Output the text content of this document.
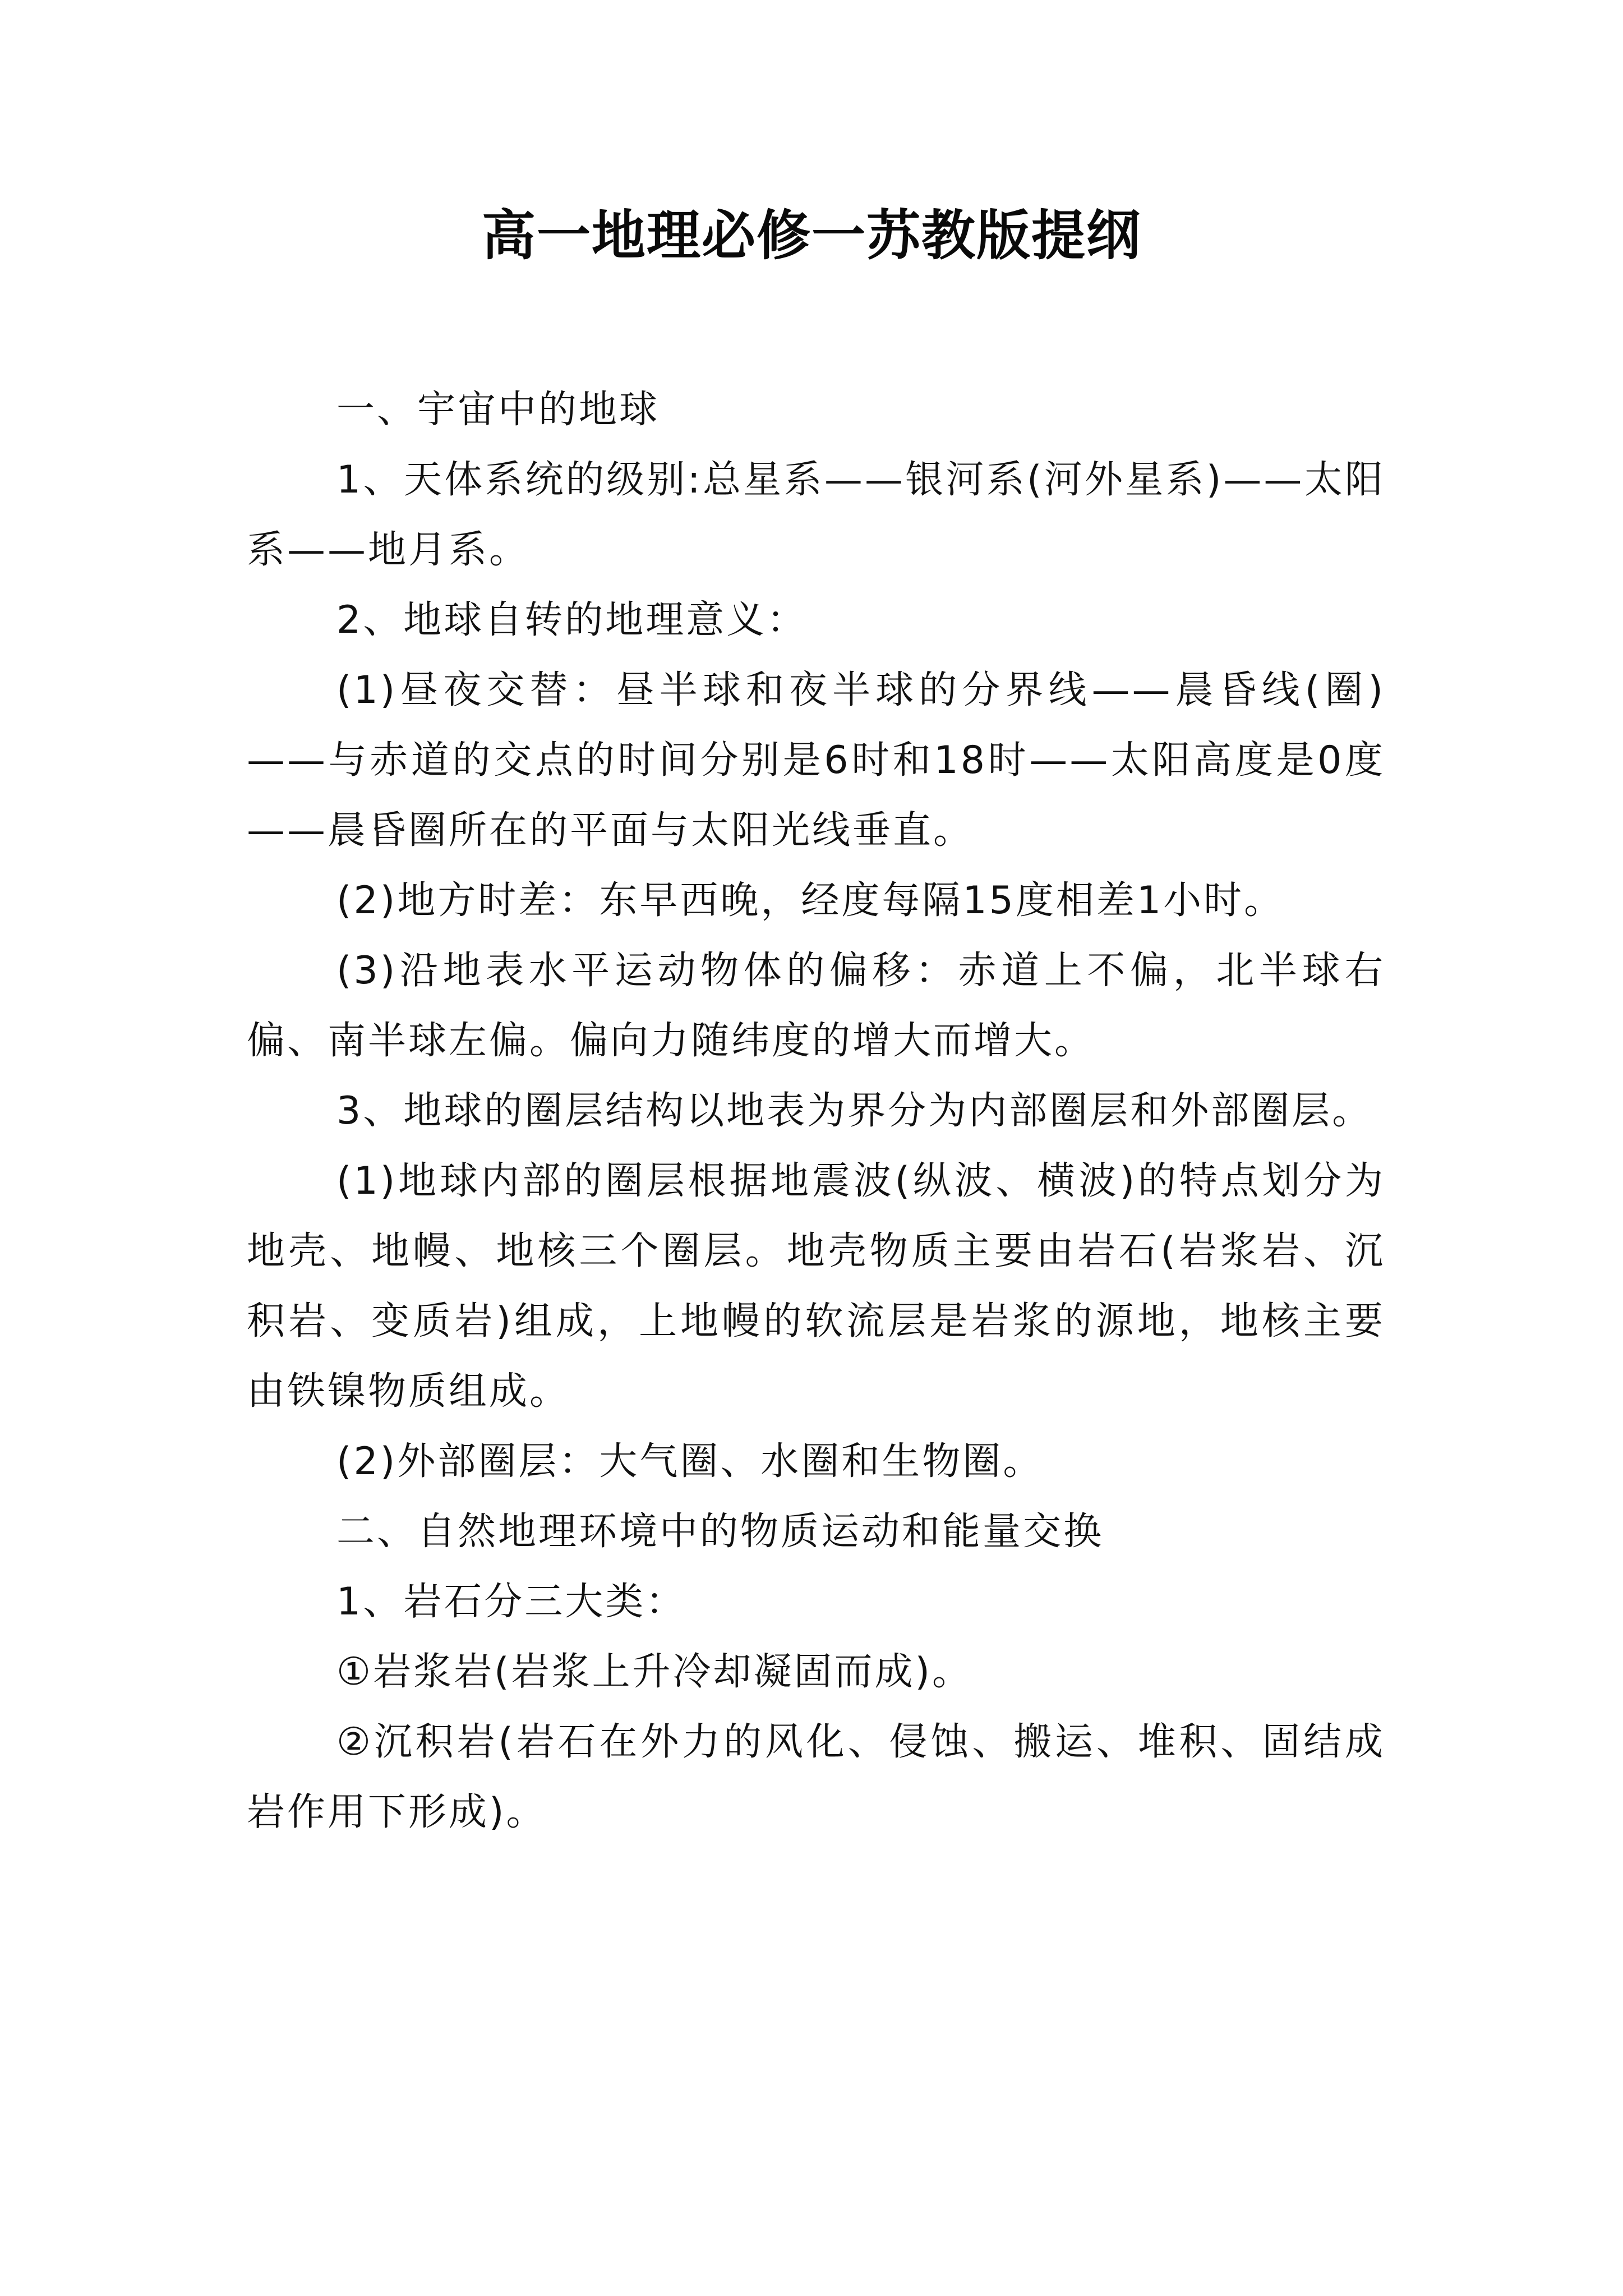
高一地理必修一苏教版提纲

一、宇宙中的地球

1、天体系统的级别:总星系——银河系(河外星系)——太阳系——地月系。

2、地球自转的地理意义：

(1)昼夜交替：昼半球和夜半球的分界线——晨昏线(圈)——与赤道的交点的时间分别是6时和18时——太阳高度是0度——晨昏圈所在的平面与太阳光线垂直。

(2)地方时差：东早西晚，经度每隔15度相差1小时。

(3)沿地表水平运动物体的偏移：赤道上不偏，北半球右偏、南半球左偏。偏向力随纬度的增大而增大。

3、地球的圈层结构以地表为界分为内部圈层和外部圈层。

(1)地球内部的圈层根据地震波(纵波、横波)的特点划分为地壳、地幔、地核三个圈层。地壳物质主要由岩石(岩浆岩、沉积岩、变质岩)组成，上地幔的软流层是岩浆的源地，地核主要由铁镍物质组成。

(2)外部圈层：大气圈、水圈和生物圈。

二、自然地理环境中的物质运动和能量交换

1、岩石分三大类：

①岩浆岩(岩浆上升冷却凝固而成)。

②沉积岩(岩石在外力的风化、侵蚀、搬运、堆积、固结成岩作用下形成)。
